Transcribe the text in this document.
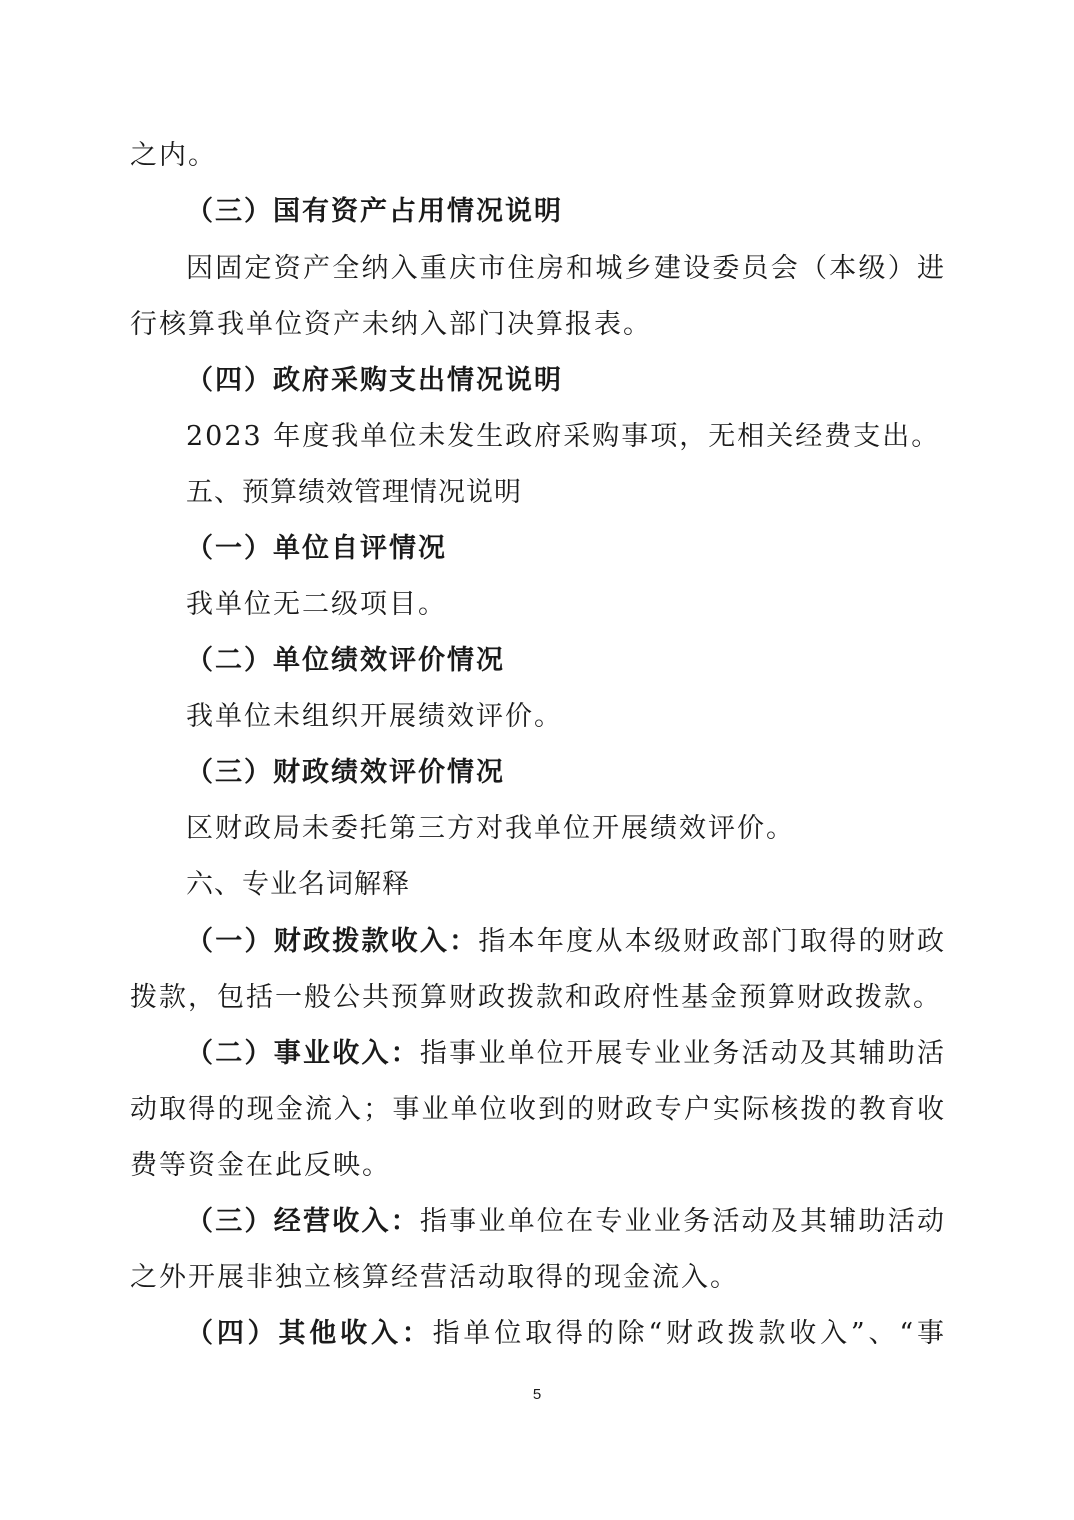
之内。
（三）国有资产占用情况说明
因固定资产全纳入重庆市住房和城乡建设委员会（本级）进
行核算我单位资产未纳入部门决算报表。
（四）政府采购支出情况说明
2023 年度我单位未发生政府采购事项，无相关经费支出。
五、预算绩效管理情况说明
（一）单位自评情况
我单位无二级项目。
（二）单位绩效评价情况
我单位未组织开展绩效评价。
（三）财政绩效评价情况
区财政局未委托第三方对我单位开展绩效评价。
六、专业名词解释
（一）财政拨款收入：指本年度从本级财政部门取得的财政
拨款，包括一般公共预算财政拨款和政府性基金预算财政拨款。
（二）事业收入：指事业单位开展专业业务活动及其辅助活
动取得的现金流入；事业单位收到的财政专户实际核拨的教育收
费等资金在此反映。
（三）经营收入：指事业单位在专业业务活动及其辅助活动
之外开展非独立核算经营活动取得的现金流入。
（四）其他收入：指单位取得的除“财政拨款收入”、“事
5
